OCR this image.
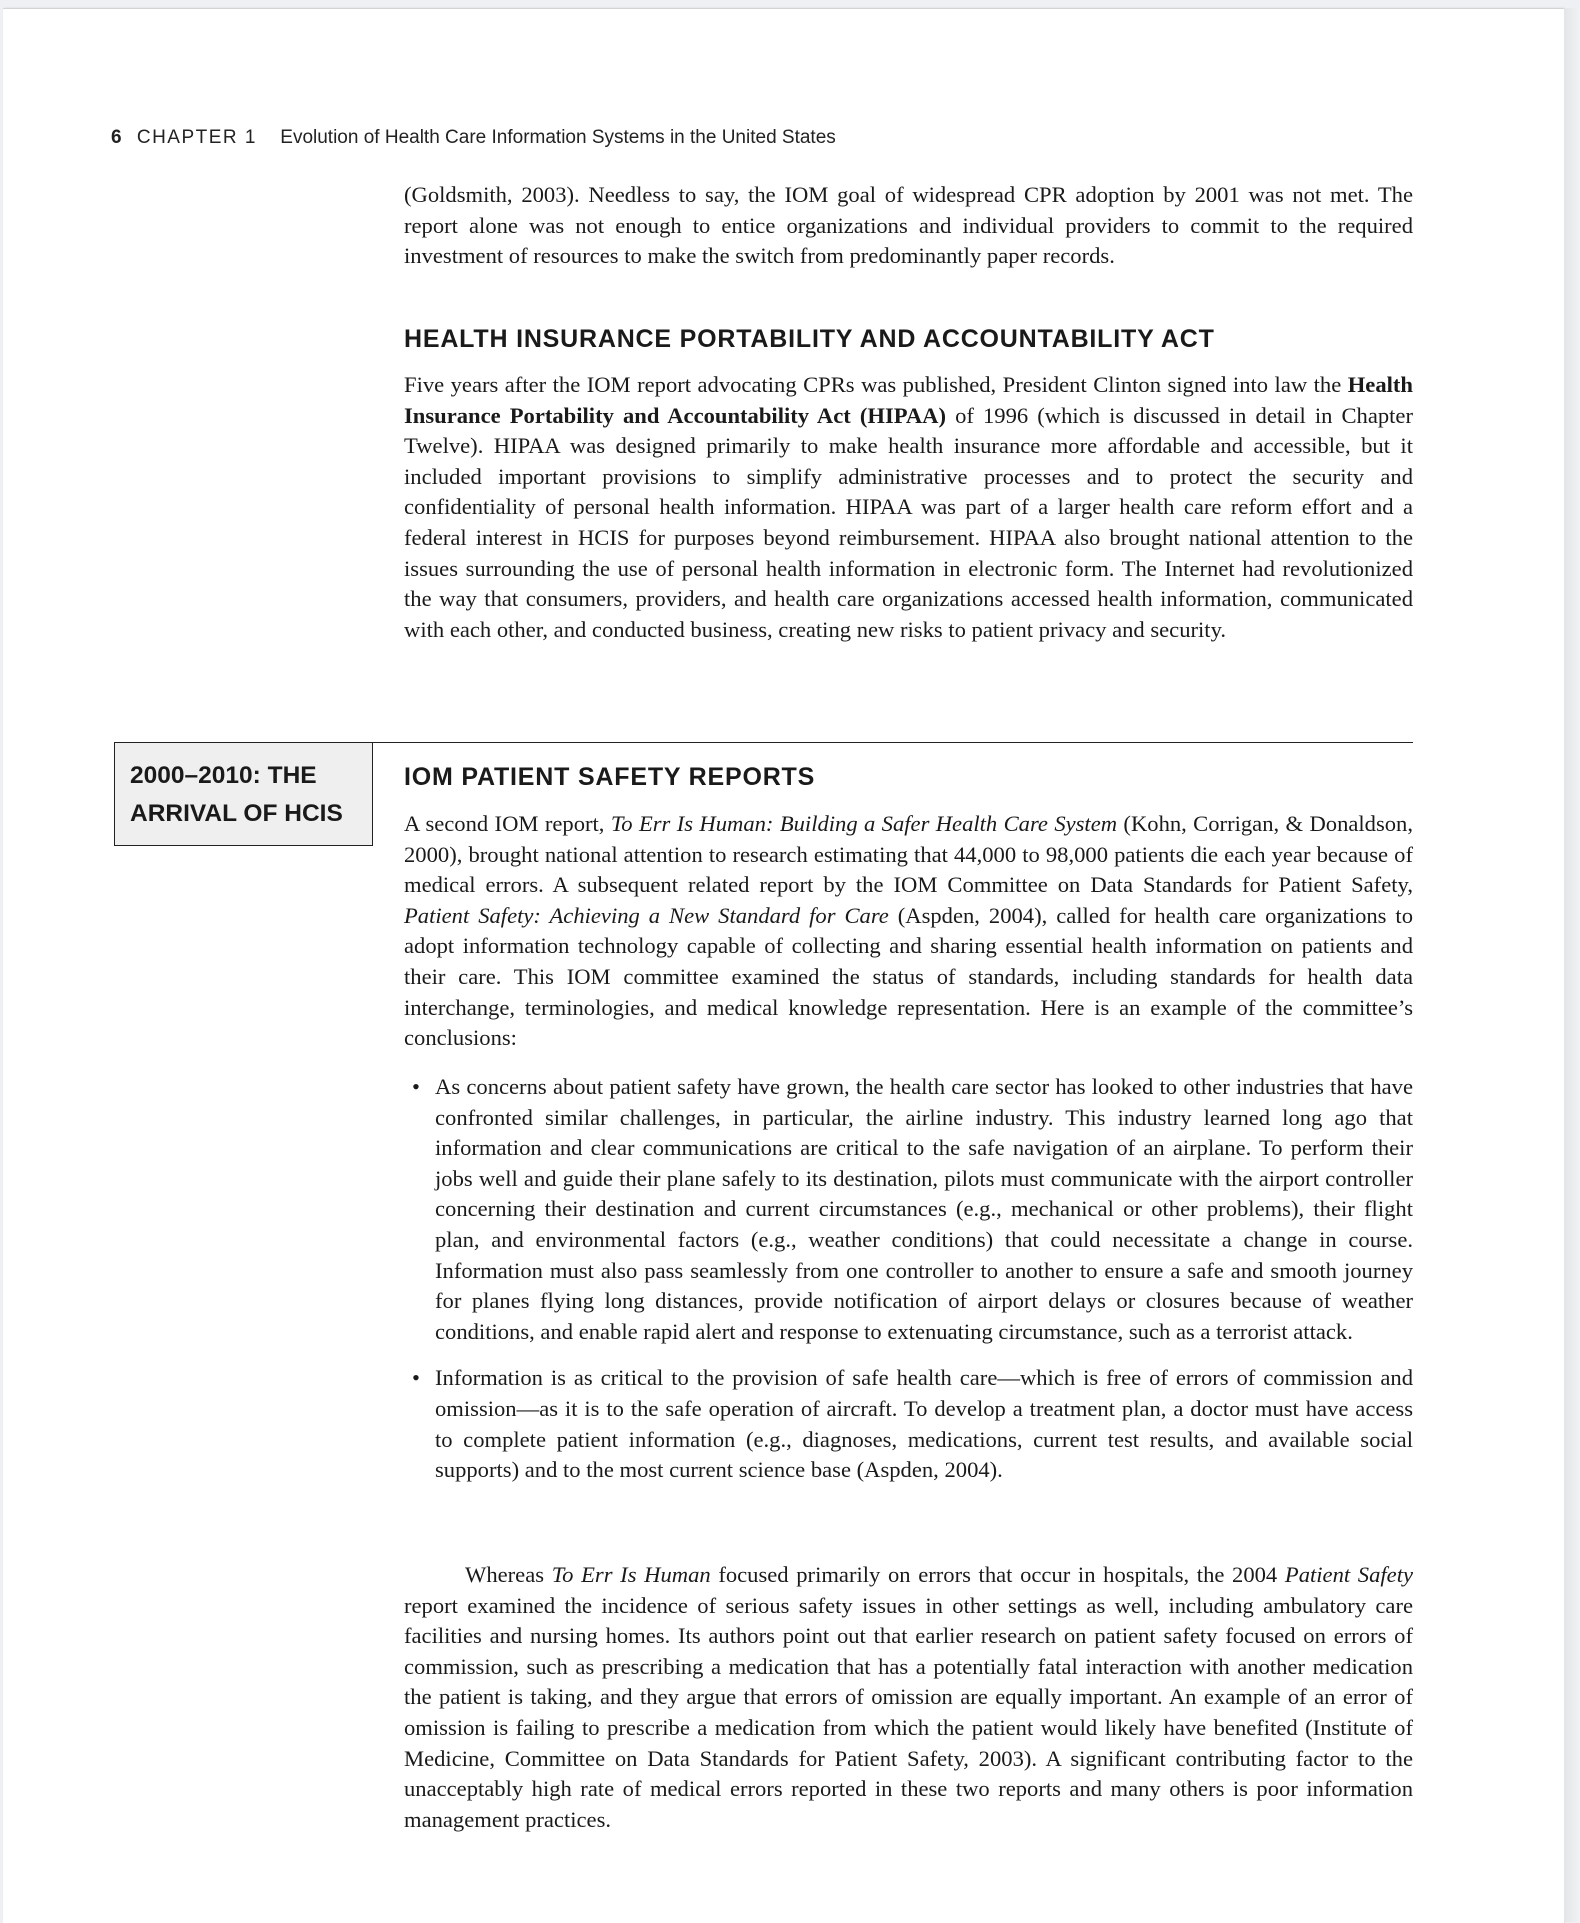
6 CHAPTER 1 Evolution of Health Care Information Systems in the United States

(Goldsmith, 2003). Needless to say, the IOM goal of widespread CPR adoption by 2001 was not met. The report alone was not enough to entice organizations and individual providers to commit to the required investment of resources to make the switch from predominantly paper records.

HEALTH INSURANCE PORTABILITY AND ACCOUNTABILITY ACT

Five years after the IOM report advocating CPRs was published, President Clinton signed into law the Health Insurance Portability and Accountability Act (HIPAA) of 1996 (which is discussed in detail in Chapter Twelve). HIPAA was designed primarily to make health insurance more affordable and accessible, but it included important provisions to simplify administrative processes and to protect the security and confidentiality of personal health information. HIPAA was part of a larger health care reform effort and a federal interest in HCIS for purposes beyond reimbursement. HIPAA also brought national attention to the issues surrounding the use of personal health information in electronic form. The Internet had revolutionized the way that consumers, providers, and health care organizations accessed health information, communicated with each other, and conducted business, creating new risks to patient privacy and security.

2000–2010: THE
ARRIVAL OF HCIS
IOM PATIENT SAFETY REPORTS

A second IOM report, To Err Is Human: Building a Safer Health Care System (Kohn, Corrigan, & Donaldson, 2000), brought national attention to research estimating that 44,000 to 98,000 patients die each year because of medical errors. A subsequent related report by the IOM Committee on Data Standards for Patient Safety, Patient Safety: Achieving a New Standard for Care (Aspden, 2004), called for health care organizations to adopt information technology capable of collecting and sharing essential health information on patients and their care. This IOM committee examined the status of standards, including standards for health data interchange, terminologies, and medical knowledge representation. Here is an example of the committee’s conclusions:

• As concerns about patient safety have grown, the health care sector has looked to other industries that have confronted similar challenges, in particular, the airline industry. This industry learned long ago that information and clear communications are critical to the safe navigation of an airplane. To perform their jobs well and guide their plane safely to its destination, pilots must communicate with the airport controller concerning their destination and current circumstances (e.g., mechanical or other problems), their flight plan, and environmental factors (e.g., weather conditions) that could necessitate a change in course. Information must also pass seamlessly from one controller to another to ensure a safe and smooth journey for planes flying long distances, provide notification of airport delays or closures because of weather conditions, and enable rapid alert and response to extenuating circumstance, such as a terrorist attack.
• Information is as critical to the provision of safe health care—which is free of errors of commission and omission—as it is to the safe operation of aircraft. To develop a treatment plan, a doctor must have access to complete patient information (e.g., diagnoses, medications, current test results, and available social supports) and to the most current science base (Aspden, 2004).

Whereas To Err Is Human focused primarily on errors that occur in hospitals, the 2004 Patient Safety report examined the incidence of serious safety issues in other settings as well, including ambulatory care facilities and nursing homes. Its authors point out that earlier research on patient safety focused on errors of commission, such as prescribing a medication that has a potentially fatal interaction with another medication the patient is taking, and they argue that errors of omission are equally important. An example of an error of omission is failing to prescribe a medication from which the patient would likely have benefited (Institute of Medicine, Committee on Data Standards for Patient Safety, 2003). A significant contributing factor to the unacceptably high rate of medical errors reported in these two reports and many others is poor information management practices.
